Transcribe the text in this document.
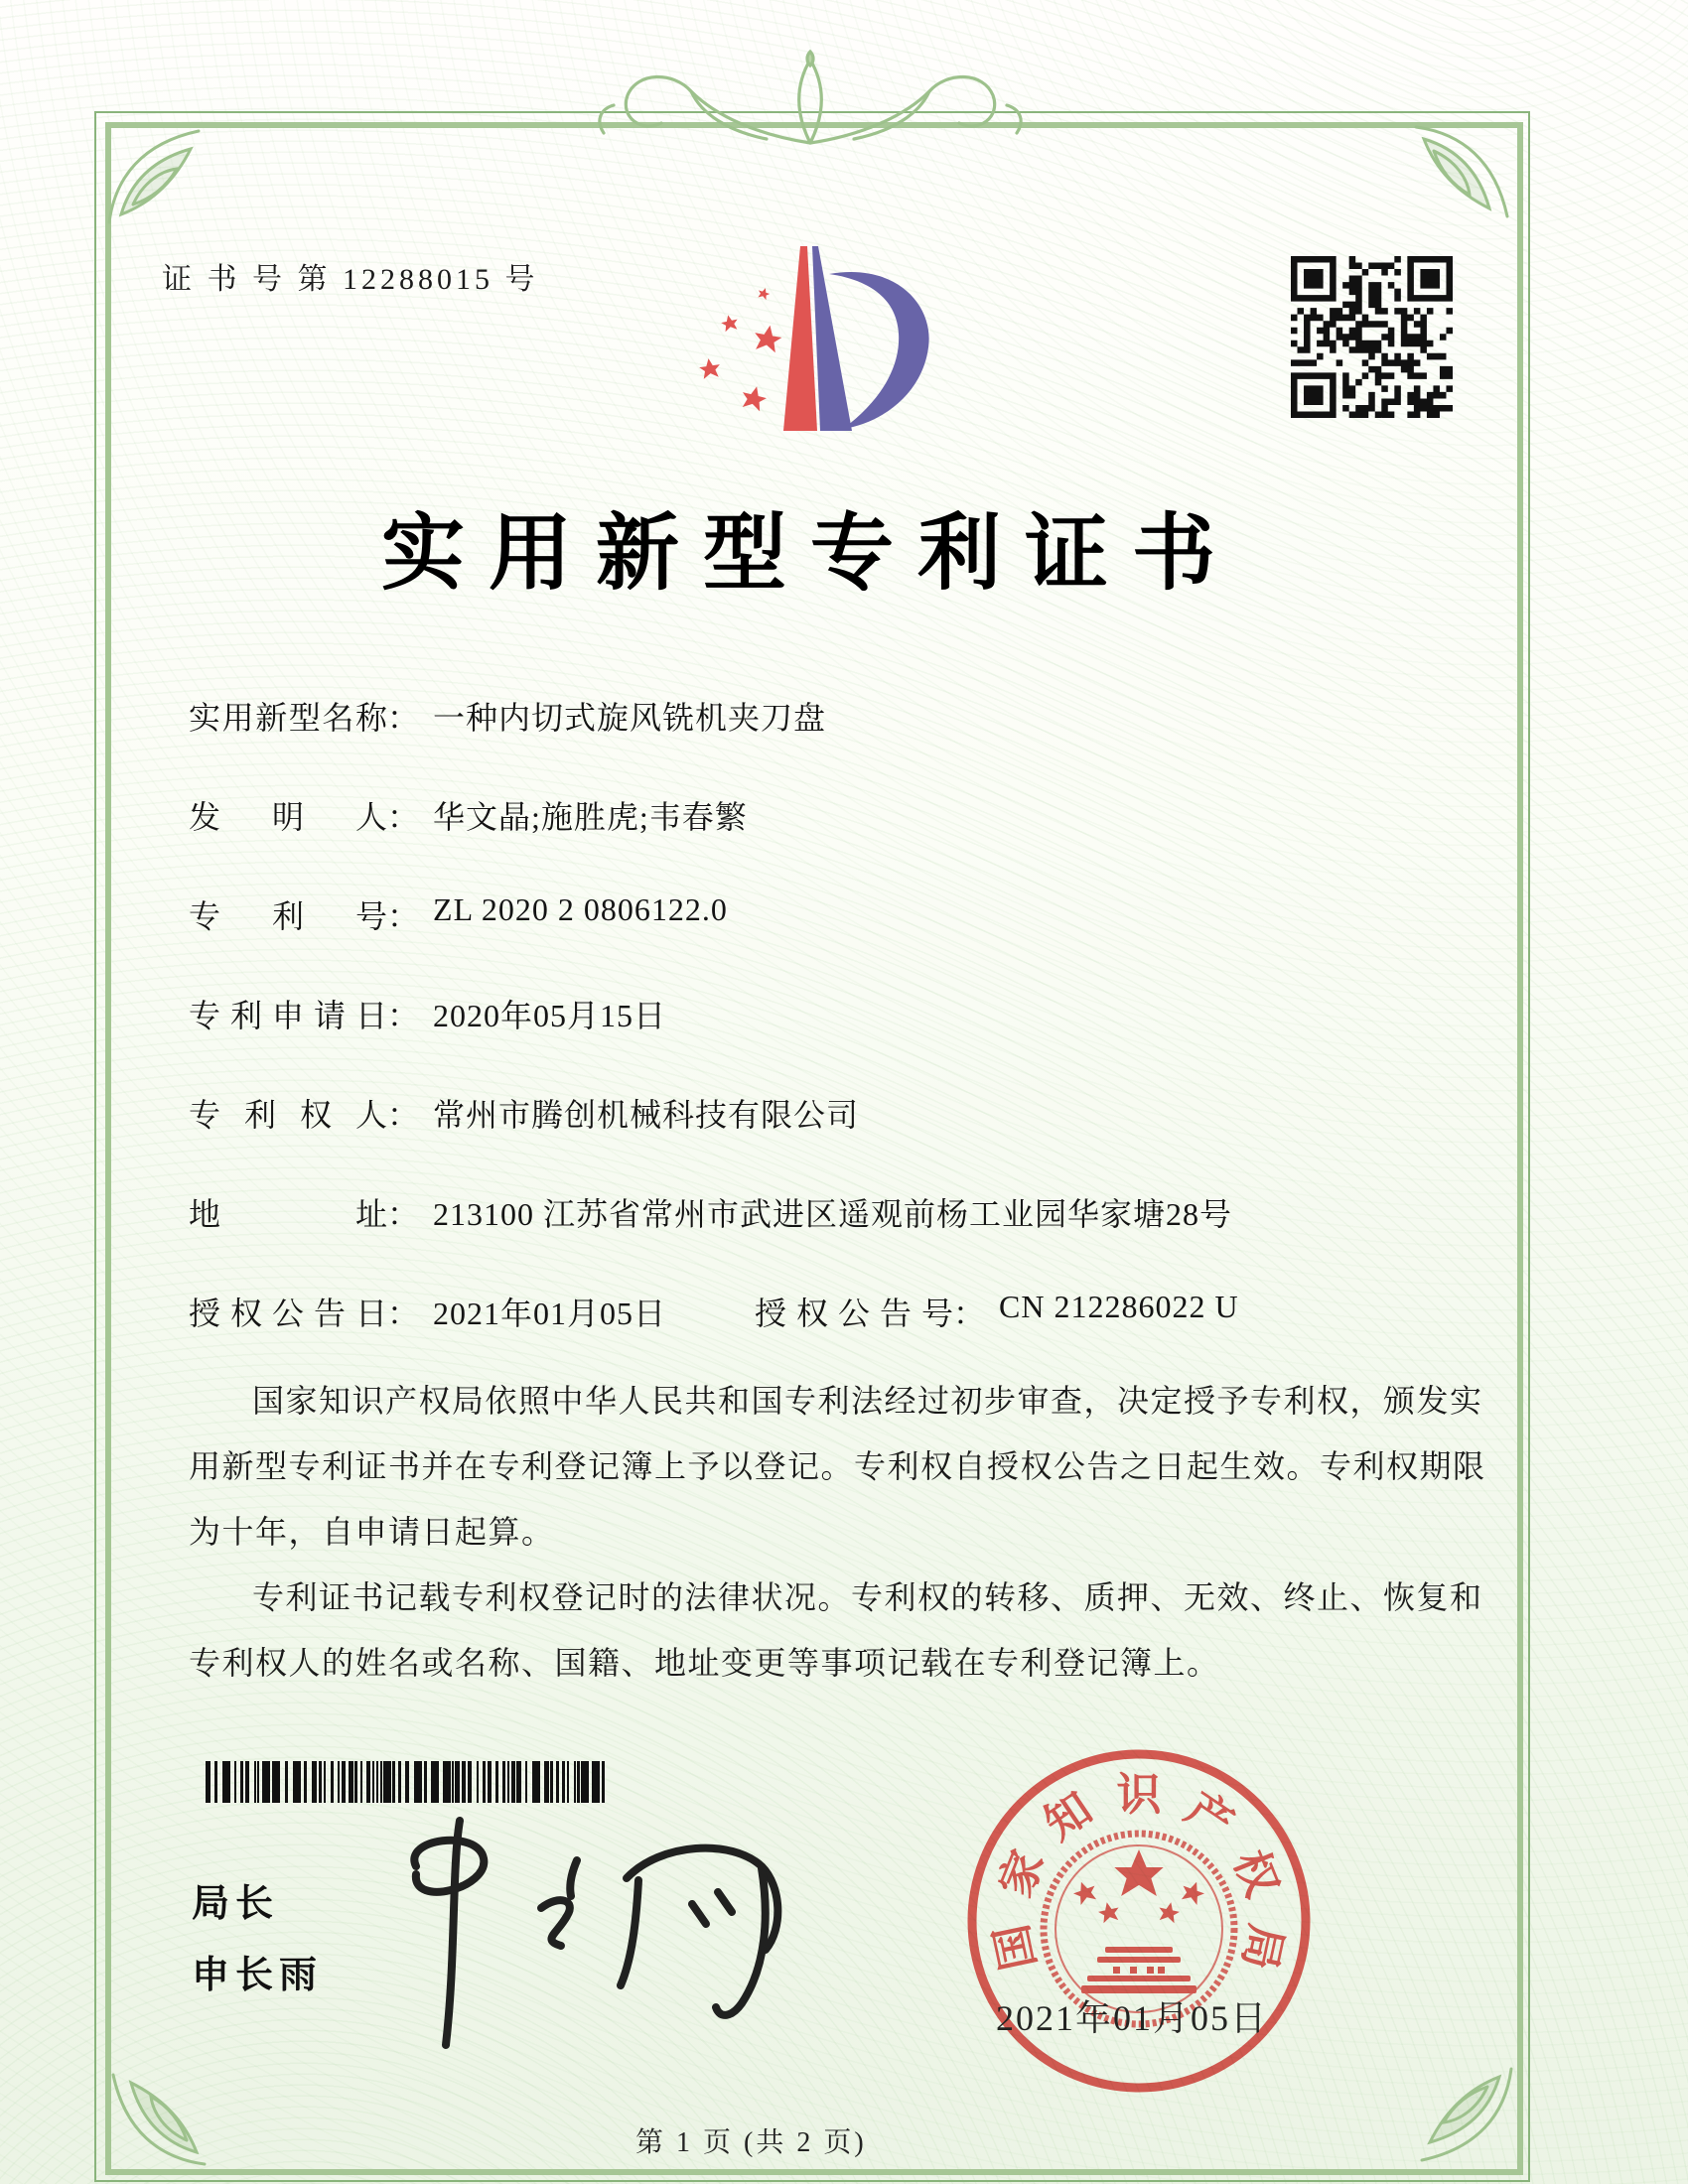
证 书 号 第 12288015 号
实用新型专利证书
实用新型名称： 一种内切式旋风铣机夹刀盘
发明人： 华文晶;施胜虎;韦春繁
专利号： ZL 2020 2 0806122.0
专利申请日： 2020年05月15日
专利权人： 常州市腾创机械科技有限公司
地址： 213100 江苏省常州市武进区遥观前杨工业园华家塘28号
授权公告日： 2021年01月05日	授权公告号： CN 212286022 U

国家知识产权局依照中华人民共和国专利法经过初步审查，决定授予专利权，颁发实用新型专利证书并在专利登记簿上予以登记。专利权自授权公告之日起生效。专利权期限为十年，自申请日起算。

专利证书记载专利权登记时的法律状况。专利权的转移、质押、无效、终止、恢复和专利权人的姓名或名称、国籍、地址变更等事项记载在专利登记簿上。

局长
申长雨
国
家
知 识 产
权
局
2021年01月05日
第 1 页 (共 2 页)
